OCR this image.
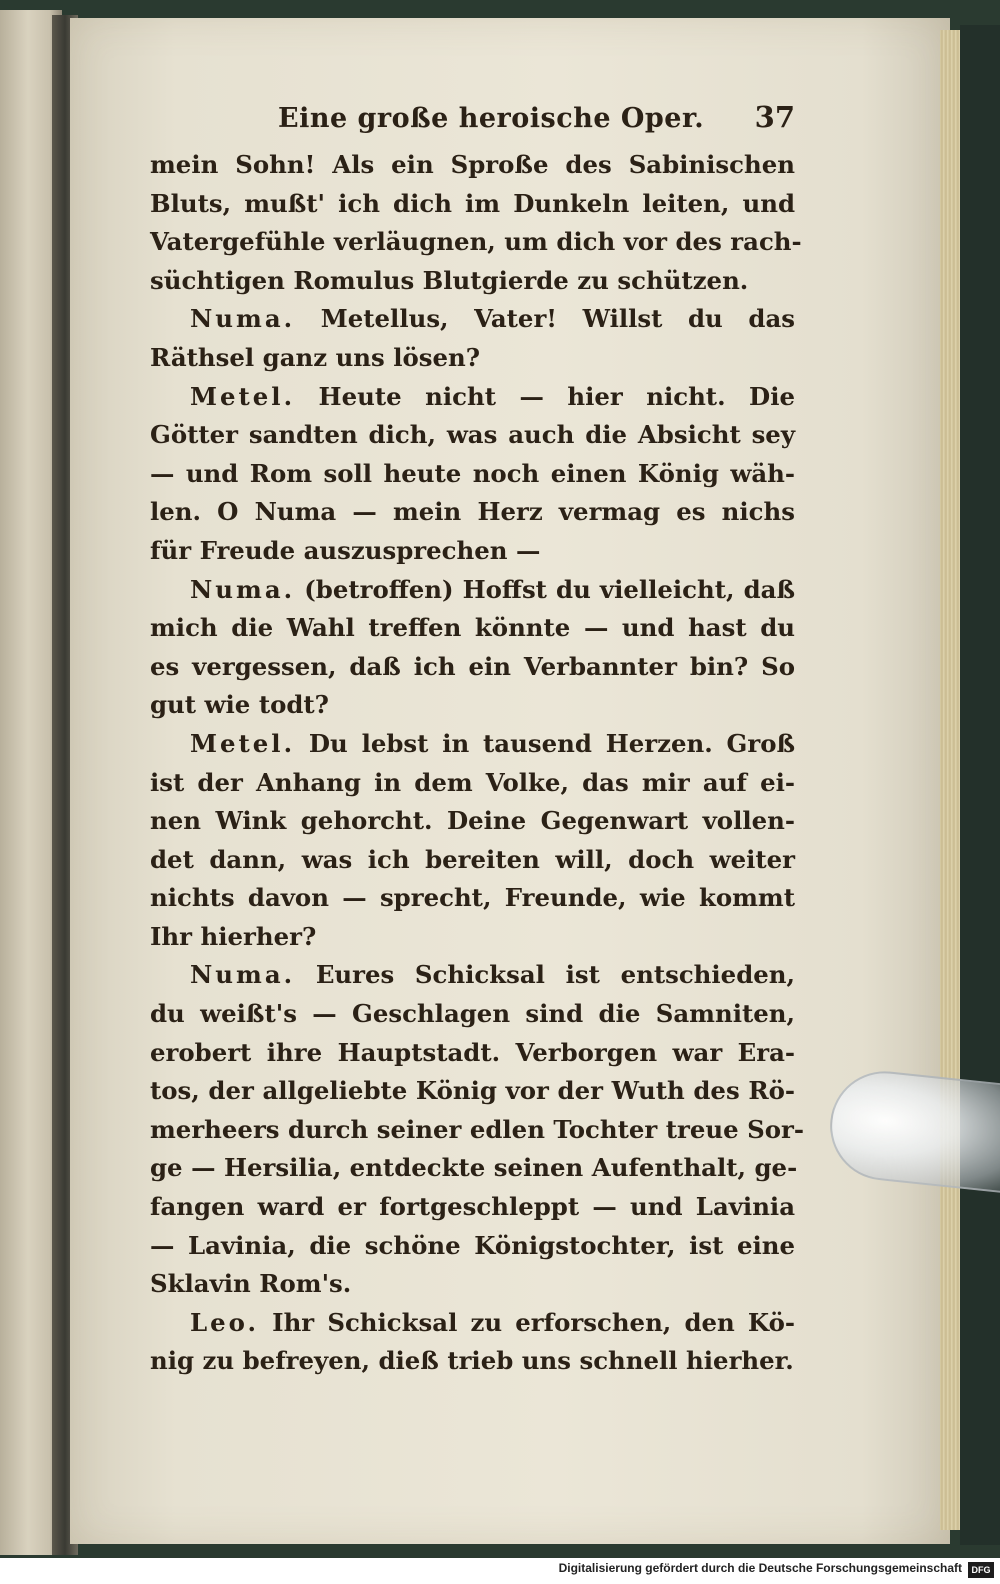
Eine große heroische Oper. 37
mein Sohn! Als ein Sproße des Sabinischen
Bluts, mußt' ich dich im Dunkeln leiten, und
Vatergefühle verläugnen, um dich vor des rach-
süchtigen Romulus Blutgierde zu schützen.
Numa. Metellus, Vater! Willst du das
Räthsel ganz uns lösen?
Metel. Heute nicht — hier nicht. Die
Götter sandten dich, was auch die Absicht sey
— und Rom soll heute noch einen König wäh-
len. O Numa — mein Herz vermag es nichs
für Freude auszusprechen —
Numa. (betroffen) Hoffst du vielleicht, daß
mich die Wahl treffen könnte — und hast du
es vergessen, daß ich ein Verbannter bin? So
gut wie todt?
Metel. Du lebst in tausend Herzen. Groß
ist der Anhang in dem Volke, das mir auf ei-
nen Wink gehorcht. Deine Gegenwart vollen-
det dann, was ich bereiten will, doch weiter
nichts davon — sprecht, Freunde, wie kommt
Ihr hierher?
Numa. Eures Schicksal ist entschieden,
du weißt's — Geschlagen sind die Samniten,
erobert ihre Hauptstadt. Verborgen war Era-
tos, der allgeliebte König vor der Wuth des Rö-
merheers durch seiner edlen Tochter treue Sor-
ge — Hersilia, entdeckte seinen Aufenthalt, ge-
fangen ward er fortgeschleppt — und Lavinia
— Lavinia, die schöne Königstochter, ist eine
Sklavin Rom's.
Leo. Ihr Schicksal zu erforschen, den Kö-
nig zu befreyen, dieß trieb uns schnell hierher.
Digitalisierung gefördert durch die Deutsche Forschungsgemeinschaft	DFG
